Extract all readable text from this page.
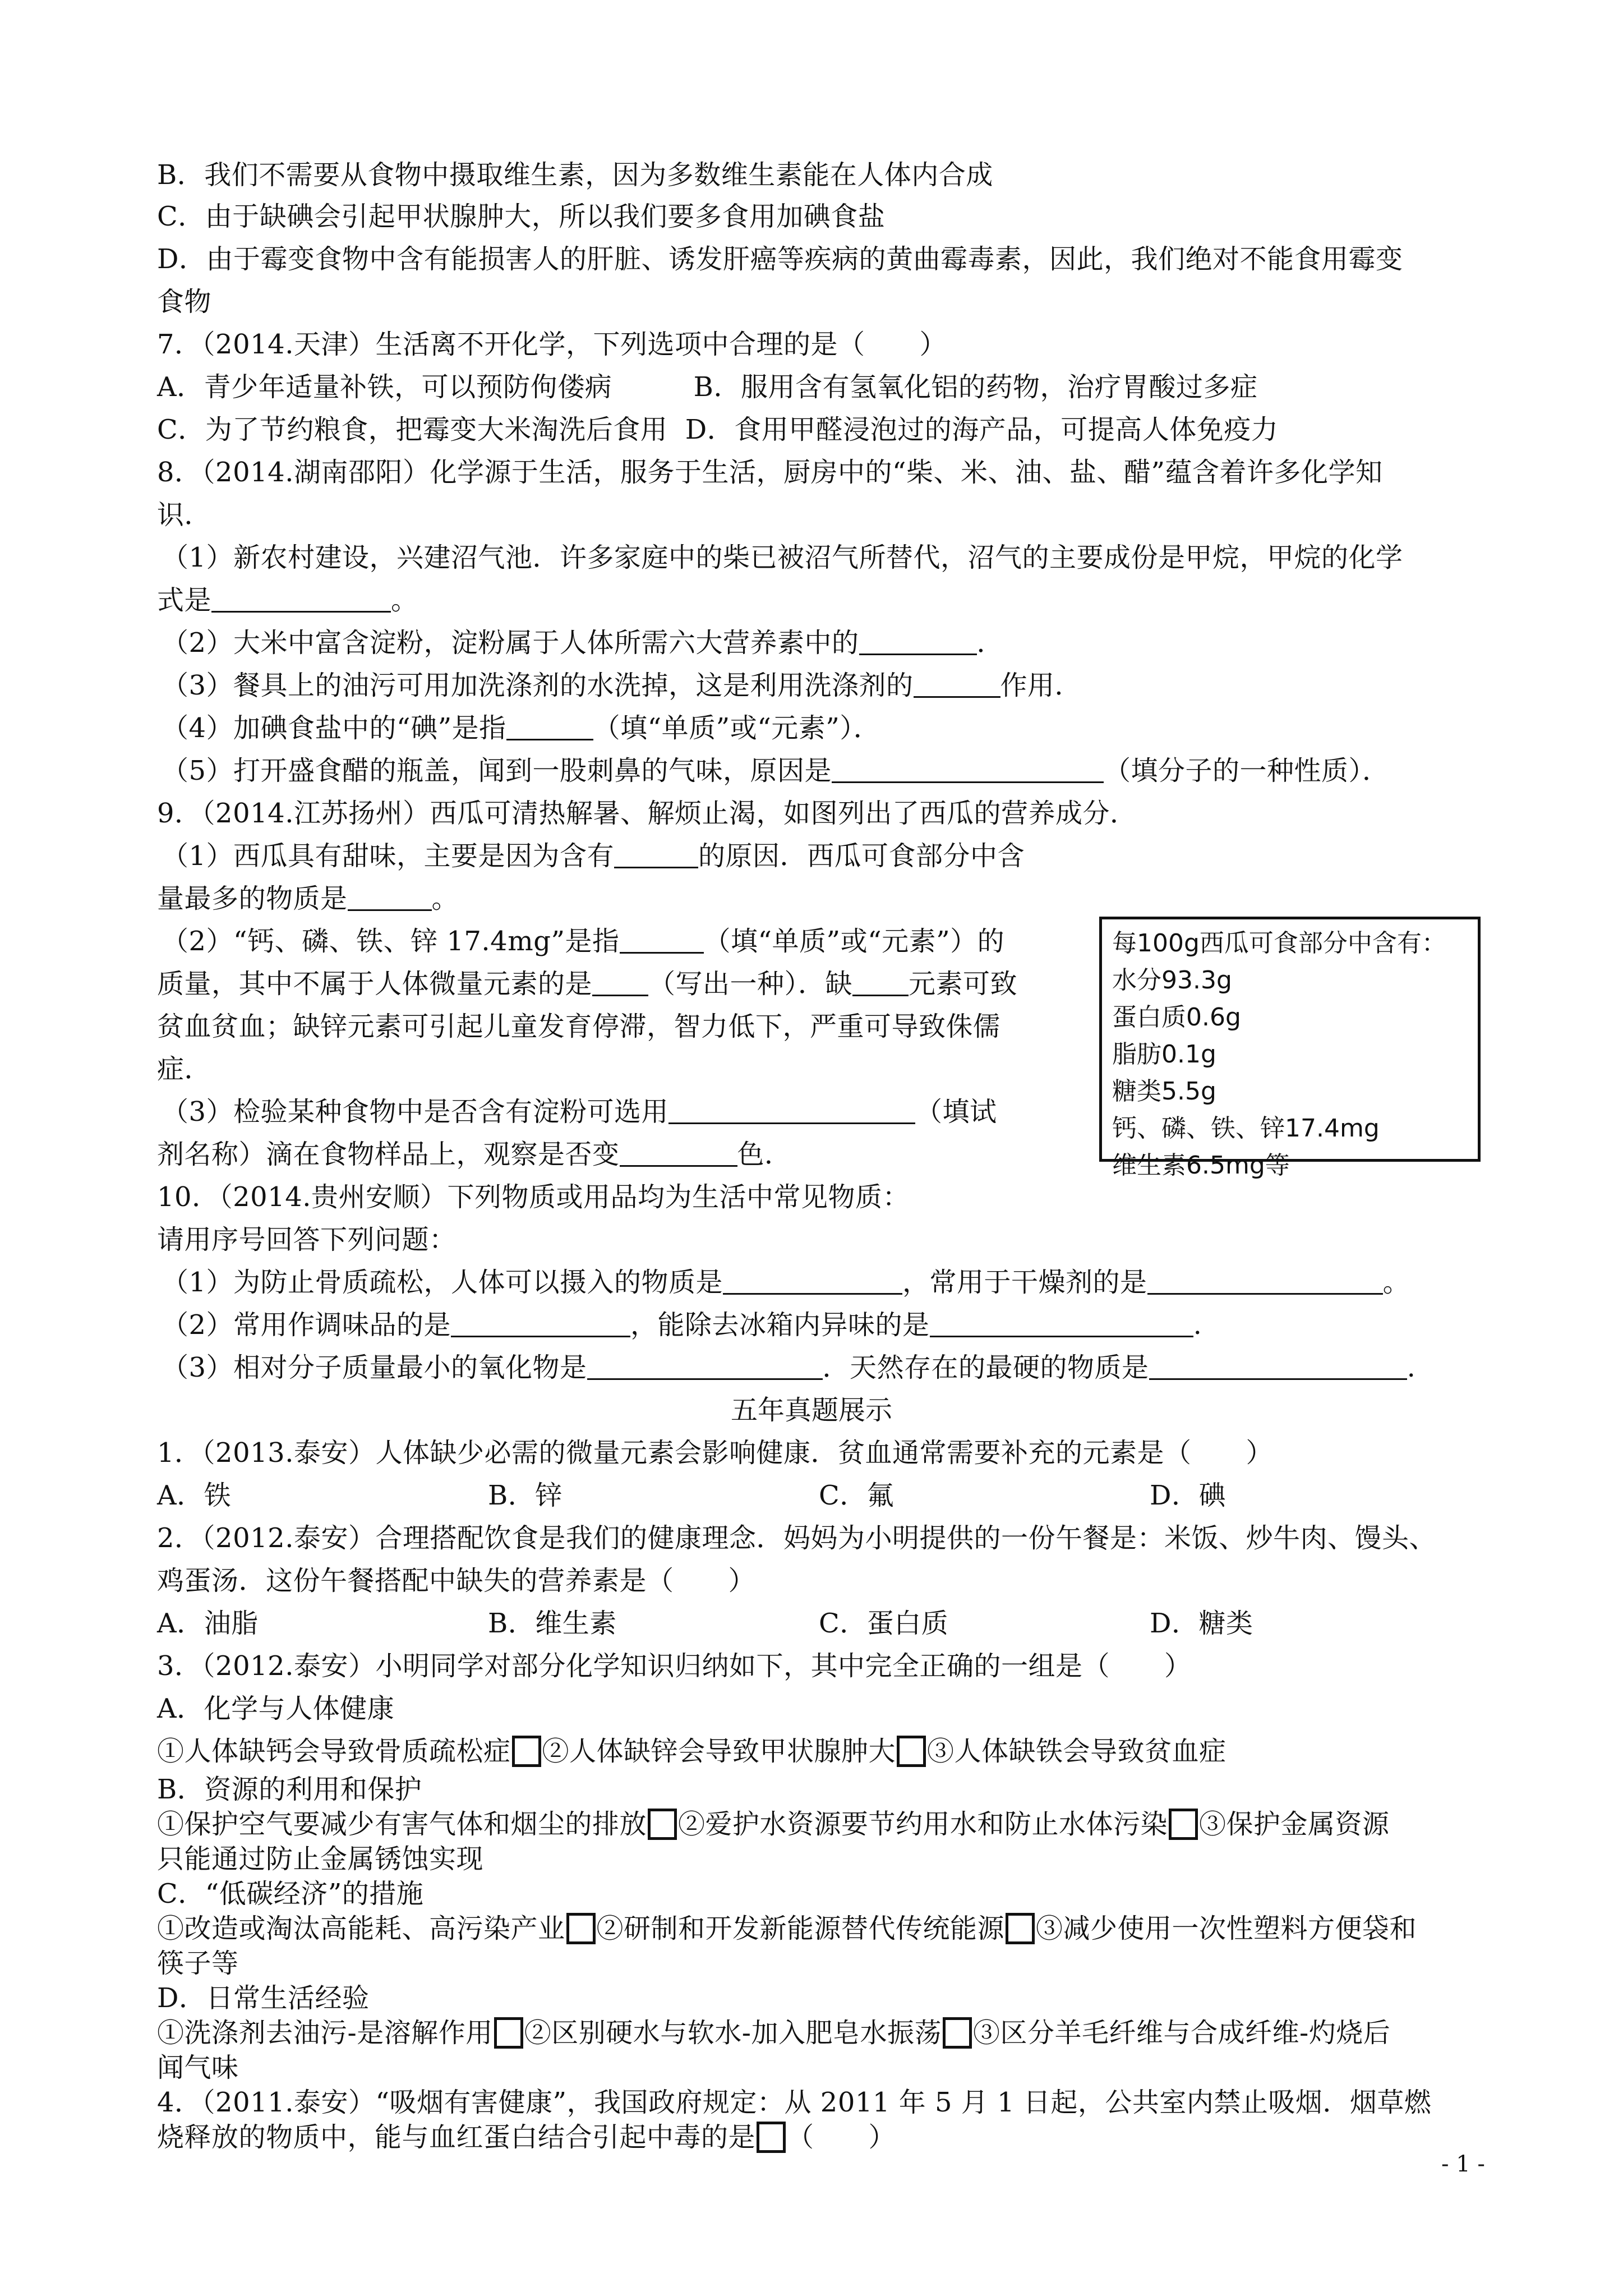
B．我们不需要从食物中摄取维生素，因为多数维生素能在人体内合成
C．由于缺碘会引起甲状腺肿大，所以我们要多食用加碘食盐
D．由于霉变食物中含有能损害人的肝脏、诱发肝癌等疾病的黄曲霉毒素，因此，我们绝对不能食用霉变
食物
7．（2014.天津）生活离不开化学，下列选项中合理的是（　　）
A．青少年适量补铁，可以预防佝偻病　　　B．服用含有氢氧化铝的药物，治疗胃酸过多症
C．为了节约粮食，把霉变大米淘洗后食用  D．食用甲醛浸泡过的海产品，可提高人体免疫力
8．（2014.湖南邵阳）化学源于生活，服务于生活，厨房中的“柴、米、油、盐、醋”蕴含着许多化学知
识．
（1）新农村建设，兴建沼气池．许多家庭中的柴已被沼气所替代，沼气的主要成份是甲烷，甲烷的化学
式是	。
（2）大米中富含淀粉，淀粉属于人体所需六大营养素中的	．
（3）餐具上的油污可用加洗涤剂的水洗掉，这是利用洗涤剂的	作用．
（4）加碘食盐中的“碘”是指	（填“单质”或“元素”）．
（5）打开盛食醋的瓶盖，闻到一股刺鼻的气味，原因是	（填分子的一种性质）．
9．（2014.江苏扬州）西瓜可清热解暑、解烦止渴，如图列出了西瓜的营养成分．
（1）西瓜具有甜味，主要是因为含有	的原因．西瓜可食部分中含
量最多的物质是	。
（2）“钙、磷、铁、锌 17.4mg”是指	（填“单质”或“元素”）的
质量，其中不属于人体微量元素的是 （写出一种）．缺 元素可致
贫血贫血；缺锌元素可引起儿童发育停滞，智力低下，严重可导致侏儒
症．
（3）检验某种食物中是否含有淀粉可选用	（填试
剂名称）滴在食物样品上，观察是否变	色．
每100g西瓜可食部分中含有：
水分93.3g
蛋白质0.6g
脂肪0.1g
糖类5.5g
钙、磷、铁、锌17.4mg
维生素6.5mg等
10．（2014.贵州安顺）下列物质或用品均为生活中常见物质：
请用序号回答下列问题：
（1）为防止骨质疏松，人体可以摄入的物质是	，常用于干燥剂的是	。
（2）常用作调味品的是	，能除去冰箱内异味的是	.
（3）相对分子质量最小的氧化物是	．天然存在的最硬的物质是	.
五年真题展示
1．（2013.泰安）人体缺少必需的微量元素会影响健康．贫血通常需要补充的元素是（　　）
A．铁	B．锌	C．氟	D．碘
2．（2012.泰安）合理搭配饮食是我们的健康理念．妈妈为小明提供的一份午餐是：米饭、炒牛肉、馒头、
鸡蛋汤．这份午餐搭配中缺失的营养素是（　　）
A．油脂	B．维生素	C．蛋白质	D．糖类
3．（2012.泰安）小明同学对部分化学知识归纳如下，其中完全正确的一组是（　　）
A．化学与人体健康
①人体缺钙会导致骨质疏松症 ②人体缺锌会导致甲状腺肿大 ③人体缺铁会导致贫血症
B．资源的利用和保护
①保护空气要减少有害气体和烟尘的排放 ②爱护水资源要节约用水和防止水体污染 ③保护金属资源
只能通过防止金属锈蚀实现
C．“低碳经济”的措施
①改造或淘汰高能耗、高污染产业 ②研制和开发新能源替代传统能源 ③减少使用一次性塑料方便袋和
筷子等
D．日常生活经验
①洗涤剂去油污-是溶解作用 ②区别硬水与软水-加入肥皂水振荡 ③区分羊毛纤维与合成纤维-灼烧后
闻气味
4．（2011.泰安）“吸烟有害健康”，我国政府规定：从 2011 年 5 月 1 日起，公共室内禁止吸烟．烟草燃
烧释放的物质中，能与血红蛋白结合引起中毒的是 （　　）
- 1 -
